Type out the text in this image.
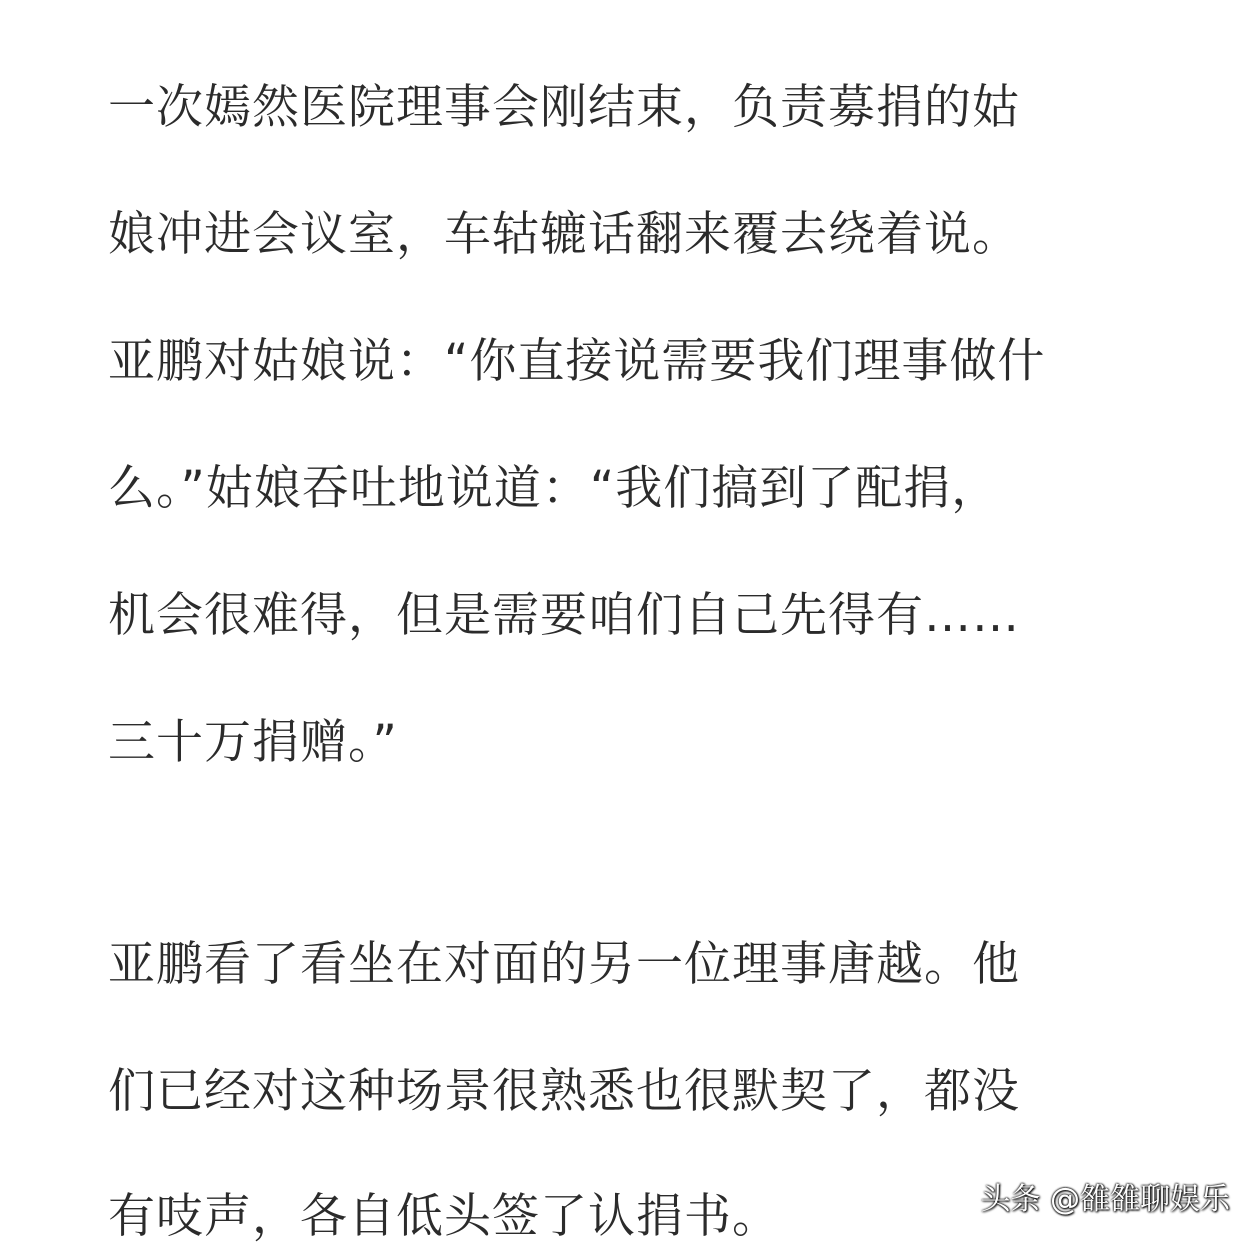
一次嫣然医院理事会刚结束，负责募捐的姑
娘冲进会议室，车轱辘话翻来覆去绕着说。
亚鹏对姑娘说：“你直接说需要我们理事做什
么。”姑娘吞吐地说道：“我们搞到了配捐，
机会很难得，但是需要咱们自己先得有……
三十万捐赠。”
亚鹏看了看坐在对面的另一位理事唐越。他
们已经对这种场景很熟悉也很默契了，都没
有吱声，各自低头签了认捐书。	头条 @雒雒聊娱乐
